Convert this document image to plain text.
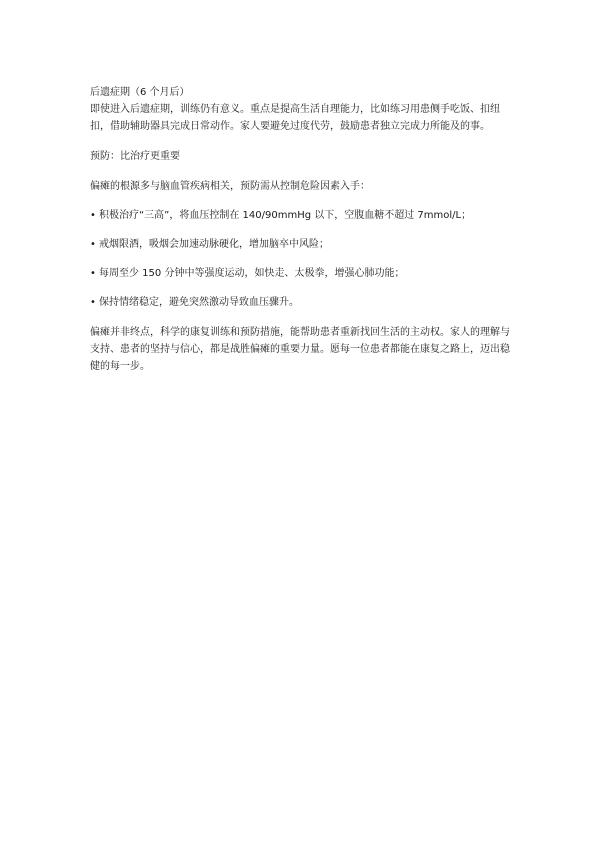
后遗症期（6 个月后）

即使进入后遗症期，训练仍有意义。重点是提高生活自理能力，比如练习用患侧手吃饭、扣纽扣，借助辅助器具完成日常动作。家人要避免过度代劳，鼓励患者独立完成力所能及的事。

预防：比治疗更重要

偏瘫的根源多与脑血管疾病相关，预防需从控制危险因素入手：

• 积极治疗“三高”，将血压控制在 140/90mmHg 以下，空腹血糖不超过 7mmol/L；
• 戒烟限酒，吸烟会加速动脉硬化，增加脑卒中风险；
• 每周至少 150 分钟中等强度运动，如快走、太极拳，增强心肺功能；
• 保持情绪稳定，避免突然激动导致血压骤升。

偏瘫并非终点，科学的康复训练和预防措施，能帮助患者重新找回生活的主动权。家人的理解与支持、患者的坚持与信心，都是战胜偏瘫的重要力量。愿每一位患者都能在康复之路上，迈出稳健的每一步。
